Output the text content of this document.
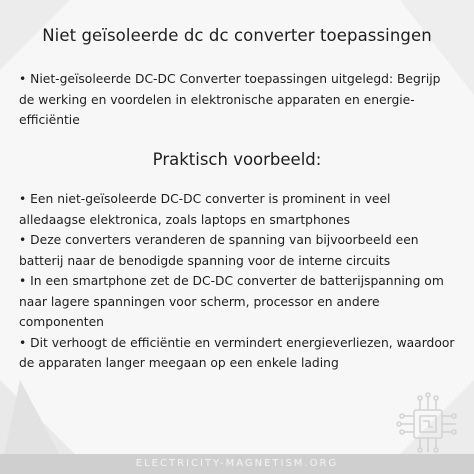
Niet geïsoleerde dc dc converter toepassingen

• Niet-geïsoleerde DC-DC Converter toepassingen uitgelegd: Begrijp de werking en voordelen in elektronische apparaten en energie-efficiëntie

Praktisch voorbeeld:

• Een niet-geïsoleerde DC-DC converter is prominent in veel alledaagse elektronica, zoals laptops en smartphones

• Deze converters veranderen de spanning van bijvoorbeeld een batterij naar de benodigde spanning voor de interne circuits

• In een smartphone zet de DC-DC converter de batterijspanning om naar lagere spanningen voor scherm, processor en andere componenten

• Dit verhoogt de efficiëntie en vermindert energieverliezen, waardoor de apparaten langer meegaan op een enkele lading

ELECTRICITY-MAGNETISM.ORG
